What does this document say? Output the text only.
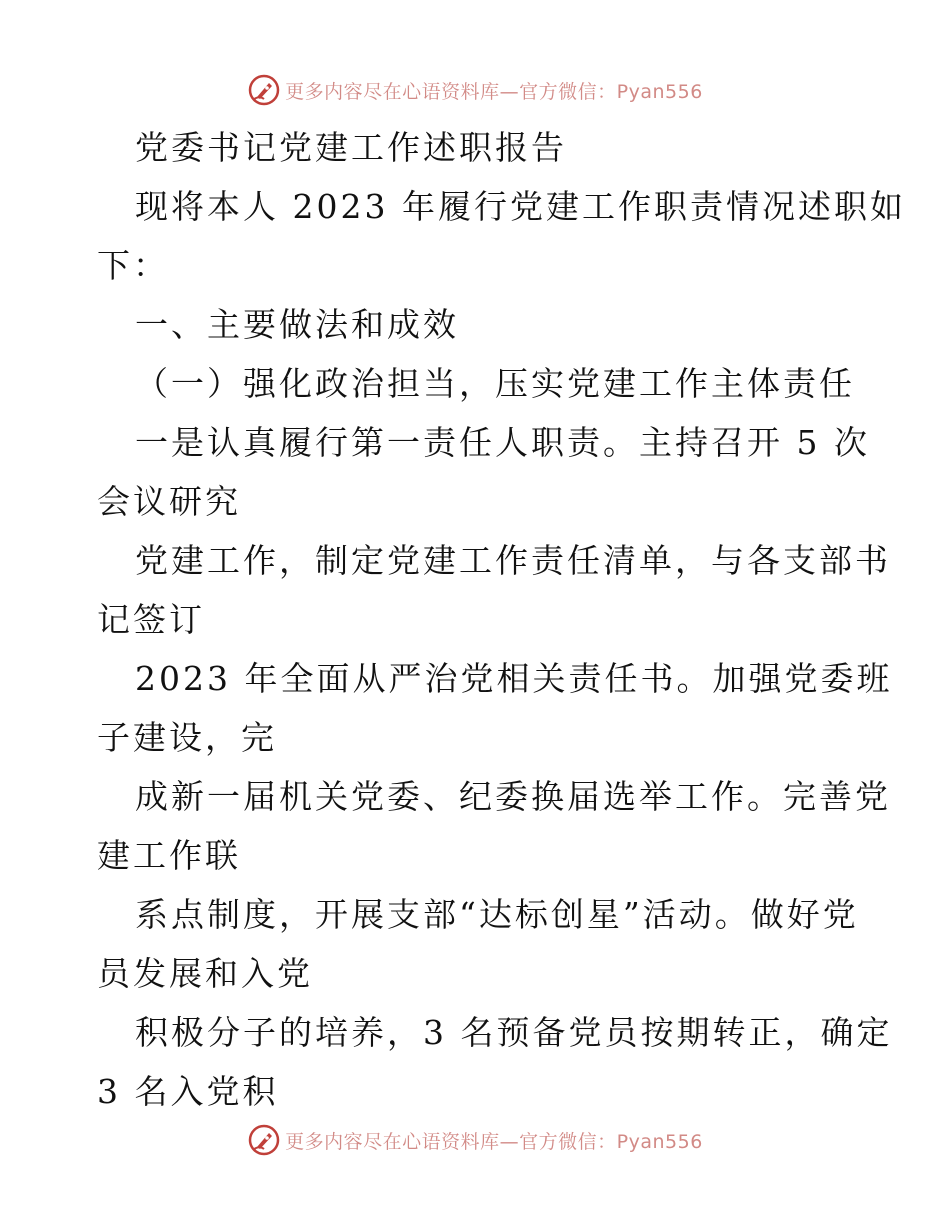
更多内容尽在心语资料库—官方微信：Pyan556
党委书记党建工作述职报告
现将本人 2023 年履行党建工作职责情况述职如
下：
一、主要做法和成效
（一）强化政治担当，压实党建工作主体责任
一是认真履行第一责任人职责。主持召开 5 次
会议研究
党建工作，制定党建工作责任清单，与各支部书
记签订
2023 年全面从严治党相关责任书。加强党委班
子建设，完
成新一届机关党委、纪委换届选举工作。完善党
建工作联
系点制度，开展支部“达标创星”活动。做好党
员发展和入党
积极分子的培养，3 名预备党员按期转正，确定
3 名入党积
更多内容尽在心语资料库—官方微信：Pyan556
